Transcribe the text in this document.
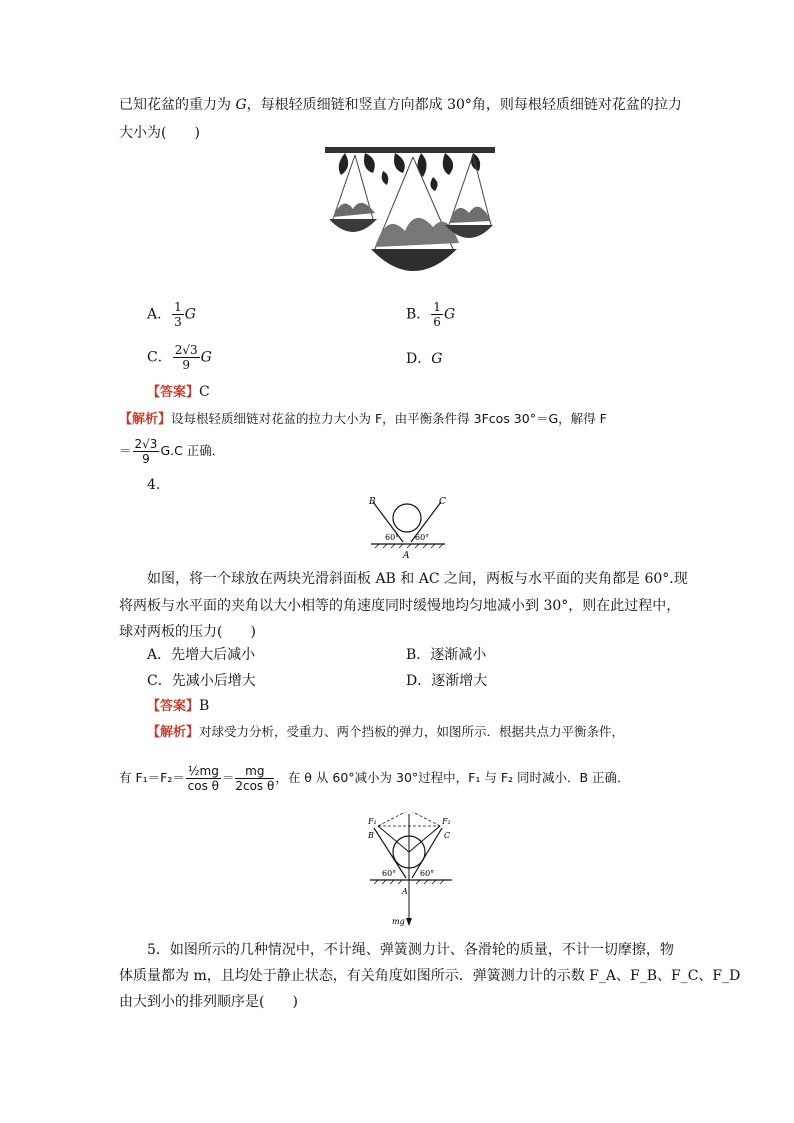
已知花盆的重力为 G，每根轻质细链和竖直方向都成 30°角，则每根轻质细链对花盆的拉力
大小为(　　)
A． $\frac{1}{3}$ G	B． $\frac{1}{6}$ G
C． $\frac{2√3}{9}$ G	D．G
【答案】C
【解析】设每根轻质细链对花盆的拉力大小为 F，由平衡条件得 3Fcos 30°＝G，解得 F
＝ $\frac{2√3}{9} G.C$ 正确．
4.
B	C
60° 60°
A
如图，将一个球放在两块光滑斜面板 AB 和 AC 之间，两板与水平面的夹角都是 60°.现
将两板与水平面的夹角以大小相等的角速度同时缓慢地均匀地减小到 30°，则在此过程中，
球对两板的压力(　　)
A．先增大后减小	B．逐渐减小
C．先减小后增大	D．逐渐增大
【答案】B
【解析】对球受力分析，受重力、两个挡板的弹力，如图所示．根据共点力平衡条件，
有 $F_1=F_2= \frac{\text{½mg}}{\text{cos θ}} = \frac{mg}{\text{2cos θ}}$ ，在 θ 从 60°减小为 30°过程中，F₁ 与 F₂ 同时减小．B 正确．
F₁	F₂
B	C
60°	60°
A
mg
5．如图所示的几种情况中，不计绳、弹簧测力计、各滑轮的质量，不计一切摩擦，物
体质量都为 m，且均处于静止状态，有关角度如图所示．弹簧测力计的示数 F_A、F_B、F_C、F_D
由大到小的排列顺序是(　　)
